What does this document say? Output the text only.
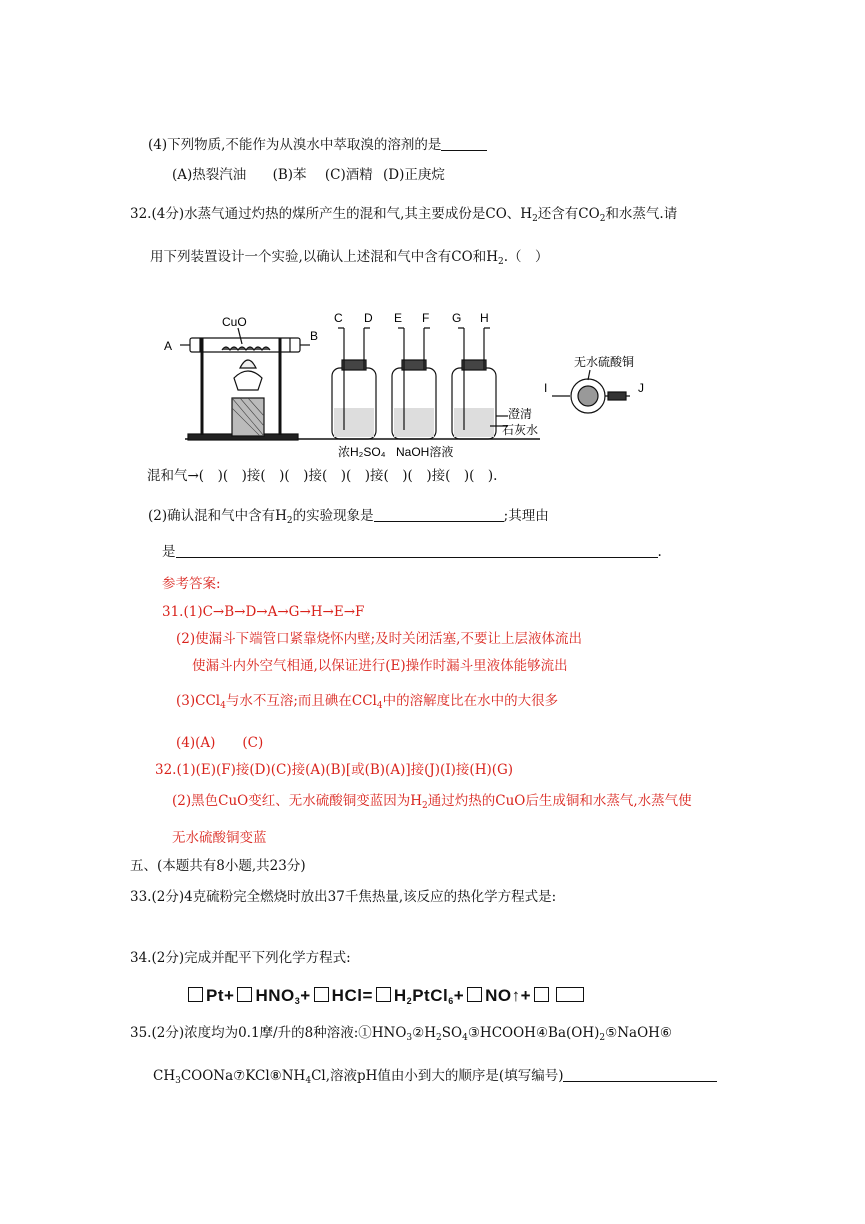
(4)下列物质,不能作为从溴水中萃取溴的溶剂的是
(A)热裂汽油 (B)苯 (C)酒精 (D)正庚烷
32.(4分)水蒸气通过灼热的煤所产生的混和气,其主要成份是CO、$H_2$还含有$CO_2$和水蒸气.请
用下列装置设计一个实验,以确认上述混和气中含有CO和$H_2$.（　）
A
B
CuO	C D E F G H
无水硫酸铜
I	J
澄清
石灰水
浓H₂SO₄ NaOH溶液
混和气→(　)(　)接(　)(　)接(　)(　)接(　)(　)接(　)(　).
(2)确认混和气中含有$H_2$的实验现象是	;其理由
是	.
参考答案:
31.(1)C→B→D→A→G→H→E→F
(2)使漏斗下端管口紧靠烧怀内壁;及时关闭活塞,不要让上层液体流出
使漏斗内外空气相通,以保证进行(E)操作时漏斗里液体能够流出
(3)CCl$_4$与水不互溶;而且碘在CCl$_4$中的溶解度比在水中的大很多
(4)(A)　　(C)
32.(1)(E)(F)接(D)(C)接(A)(B)[或(B)(A)]接(J)(I)接(H)(G)
(2)黑色CuO变红、无水硫酸铜变蓝因为$H_2$通过灼热的CuO后生成铜和水蒸气,水蒸气使
无水硫酸铜变蓝
五、(本题共有8小题,共23分)
33.(2分)4克硫粉完全燃烧时放出37千焦热量,该反应的热化学方程式是:
34.(2分)完成并配平下列化学方程式:
$Pt+ HNO_3+ HCl=$ $H_2PtCl_6+$ NO↑+
35.(2分)浓度均为0.1摩/升的8种溶液$:①HNO_3②H_2SO_4③HCOOH④Ba(OH)_2⑤NaOH⑥$
$CH_3COONa⑦KCl⑧NH_4Cl$,溶液pH值由小到大的顺序是(填写编号)
